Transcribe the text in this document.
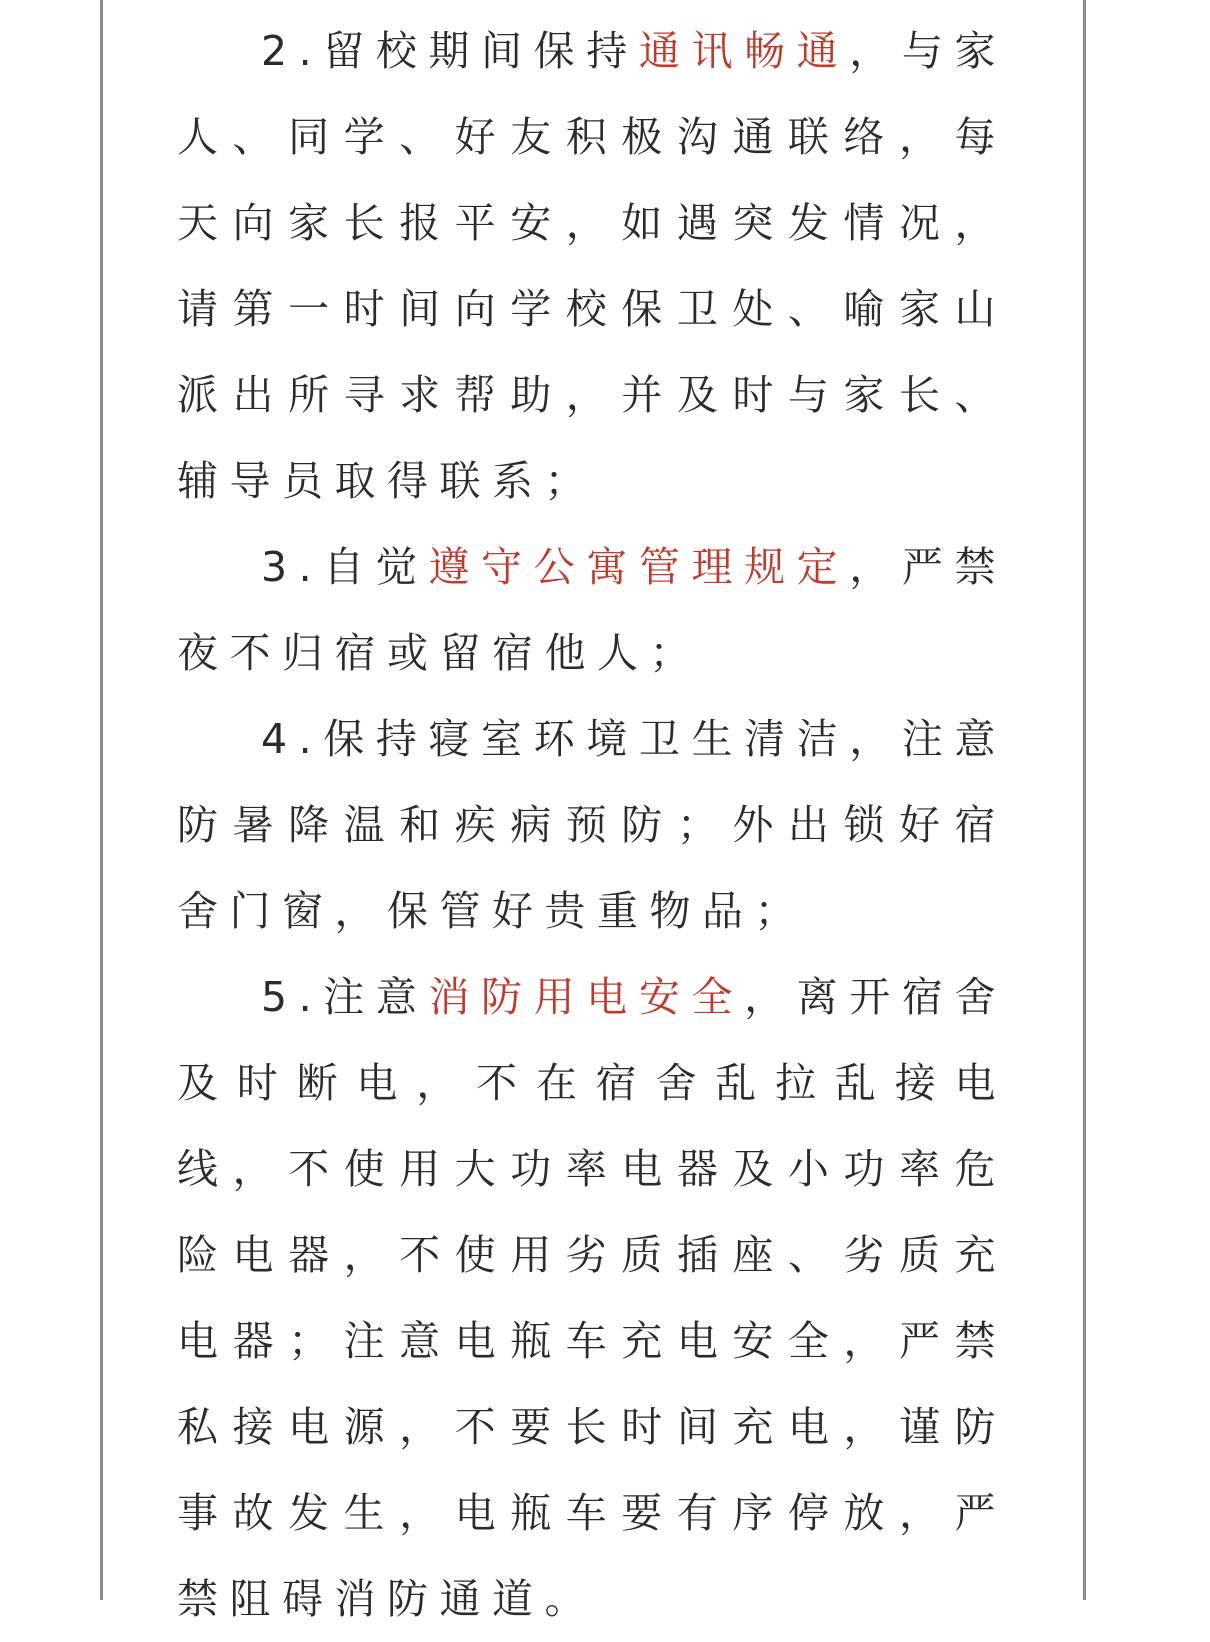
2.留校期间保持通讯畅通，与家人、同学、好友积极沟通联络，每天向家长报平安，如遇突发情况，请第一时间向学校保卫处、喻家山派出所寻求帮助，并及时与家长、辅导员取得联系；

3.自觉遵守公寓管理规定，严禁夜不归宿或留宿他人；

4.保持寝室环境卫生清洁，注意防暑降温和疾病预防；外出锁好宿舍门窗，保管好贵重物品；

5.注意消防用电安全，离开宿舍及时断电，不在宿舍乱拉乱接电线，不使用大功率电器及小功率危险电器，不使用劣质插座、劣质充电器；注意电瓶车充电安全，严禁私接电源，不要长时间充电，谨防事故发生，电瓶车要有序停放，严禁阻碍消防通道。
